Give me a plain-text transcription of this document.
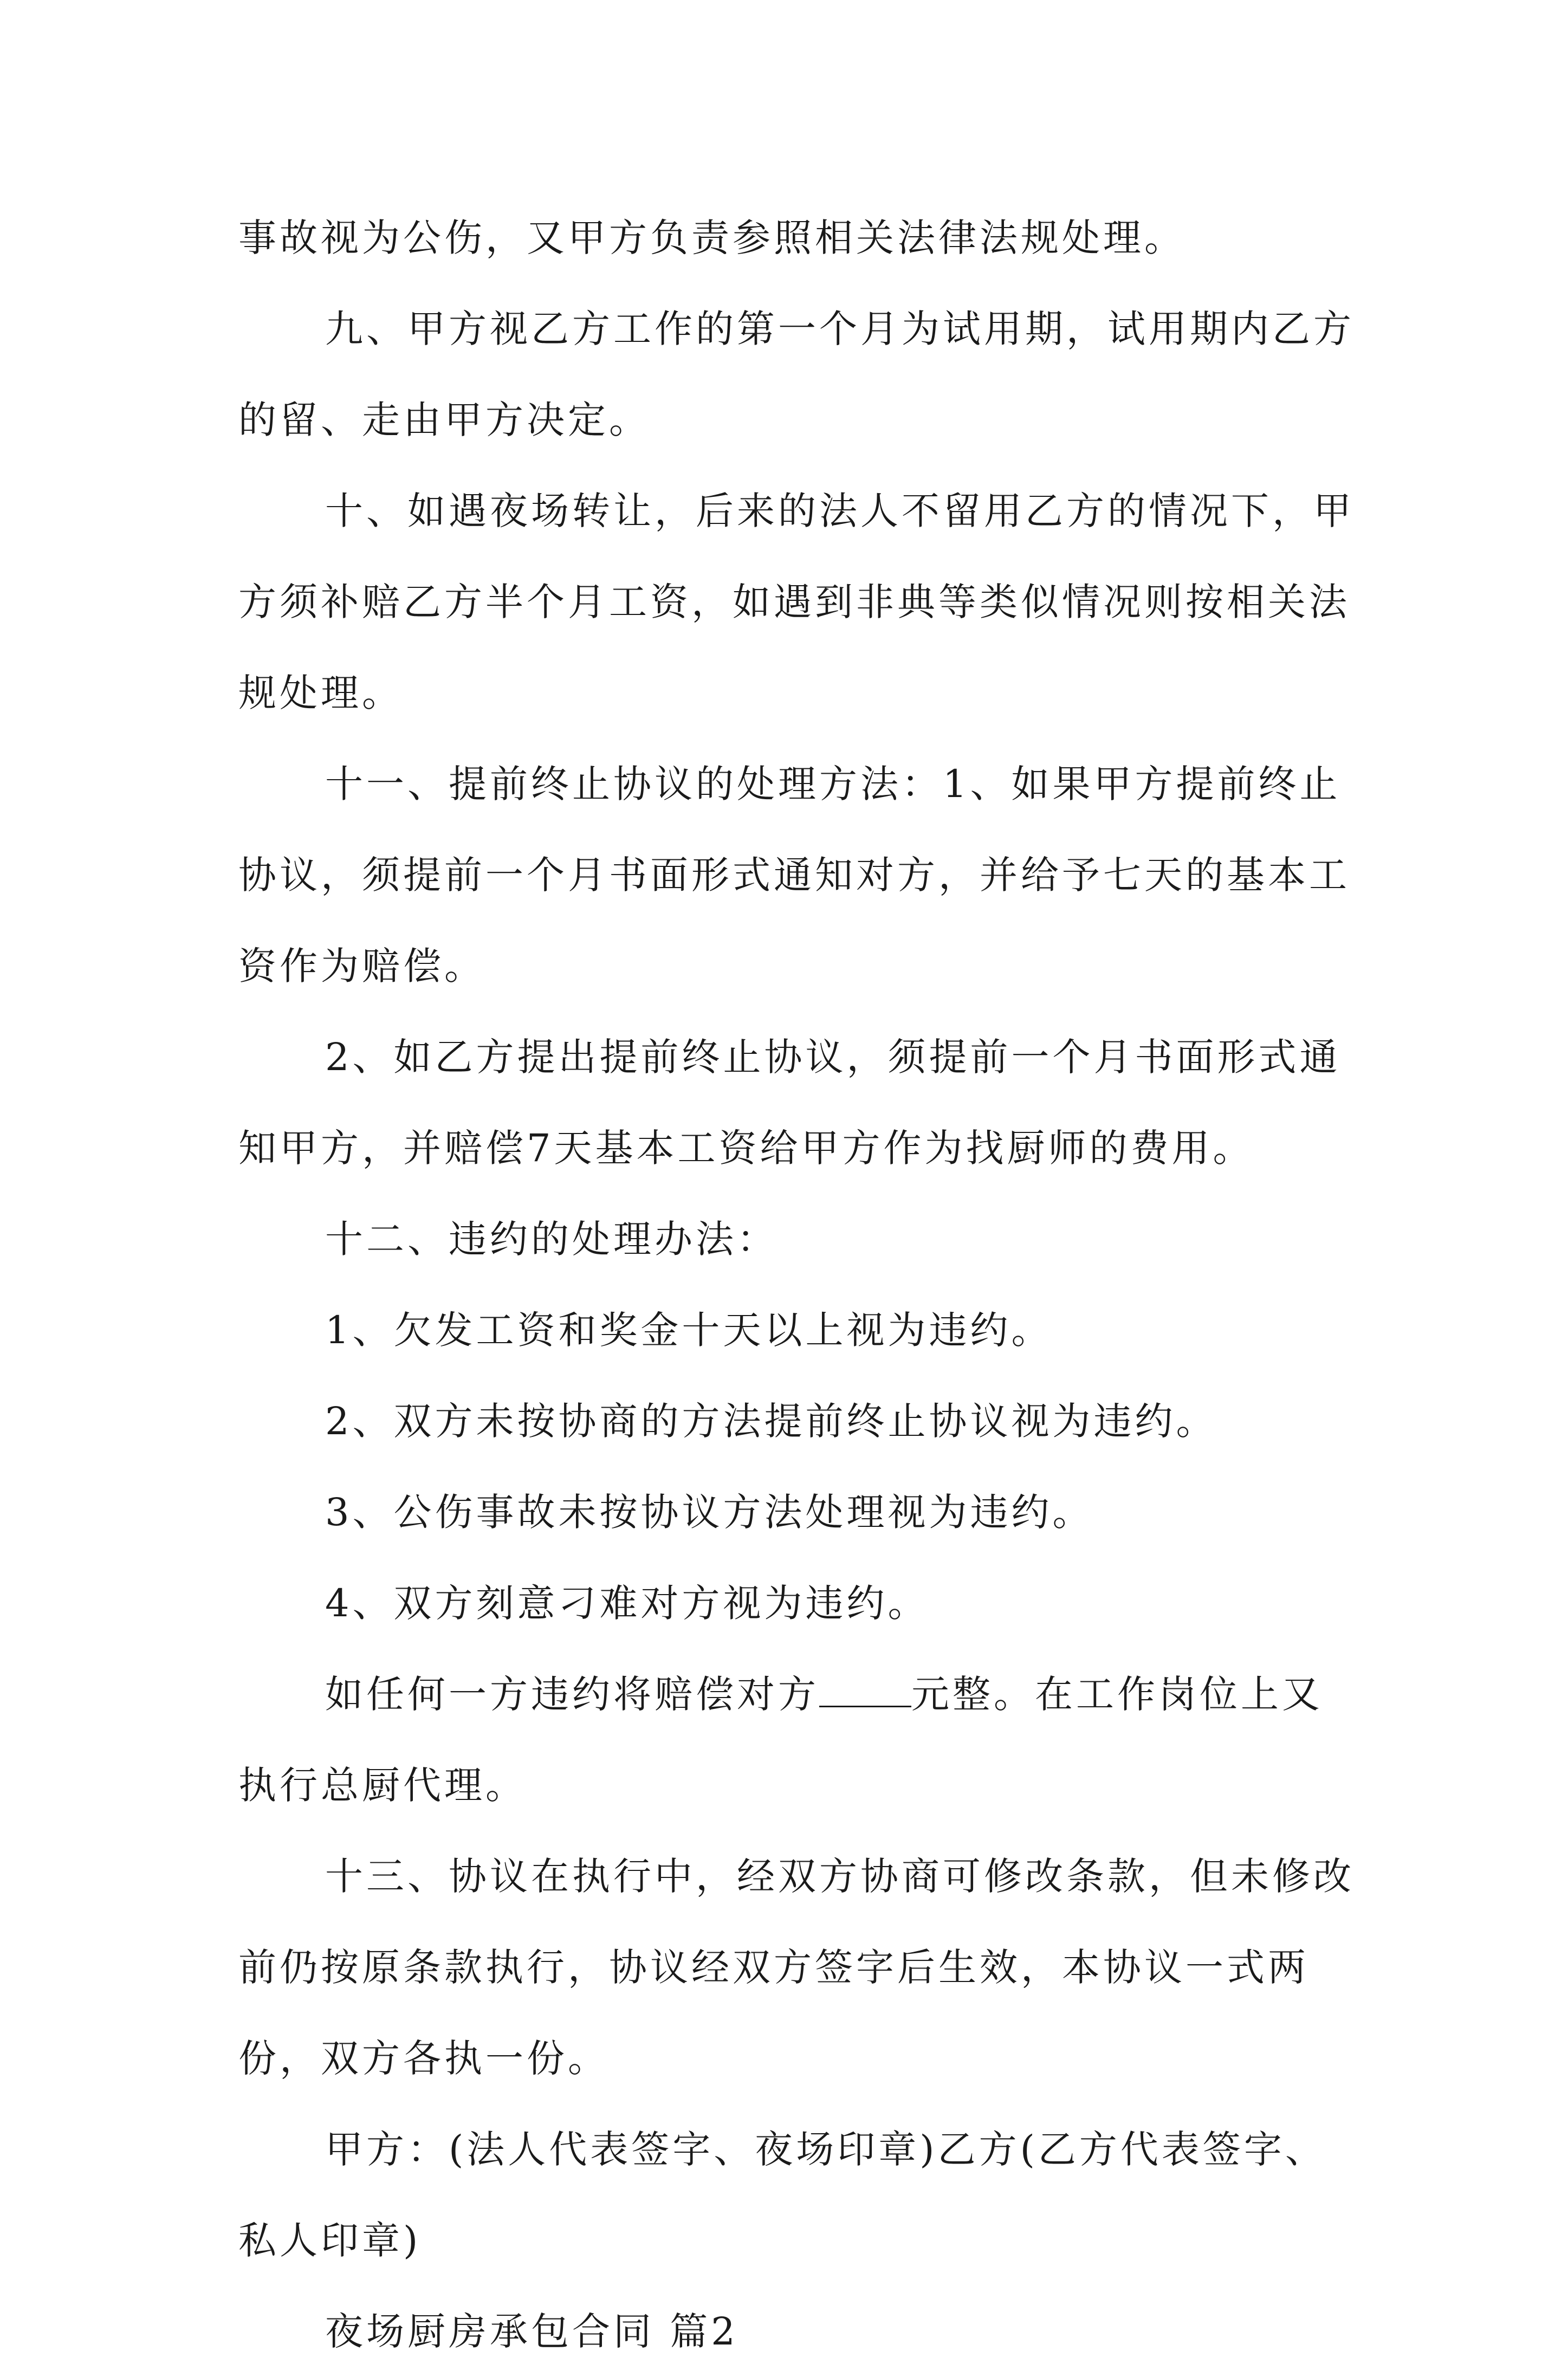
事故视为公伤，又甲方负责参照相关法律法规处理。

九、甲方视乙方工作的第一个月为试用期，试用期内乙方的留、走由甲方决定。

十、如遇夜场转让，后来的法人不留用乙方的情况下，甲方须补赔乙方半个月工资，如遇到非典等类似情况则按相关法规处理。

十一、提前终止协议的处理方法：1、如果甲方提前终止协议，须提前一个月书面形式通知对方，并给予七天的基本工资作为赔偿。

2、如乙方提出提前终止协议，须提前一个月书面形式通知甲方，并赔偿7天基本工资给甲方作为找厨师的费用。

十二、违约的处理办法：

1、欠发工资和奖金十天以上视为违约。

2、双方未按协商的方法提前终止协议视为违约。

3、公伤事故未按协议方法处理视为违约。

4、双方刻意刁难对方视为违约。

如任何一方违约将赔偿对方 元整。在工作岗位上又执行总厨代理。

十三、协议在执行中，经双方协商可修改条款，但未修改前仍按原条款执行，协议经双方签字后生效，本协议一式两份，双方各执一份。

甲方：(法人代表签字、夜场印章)乙方(乙方代表签字、私人印章)

夜场厨房承包合同 篇2
